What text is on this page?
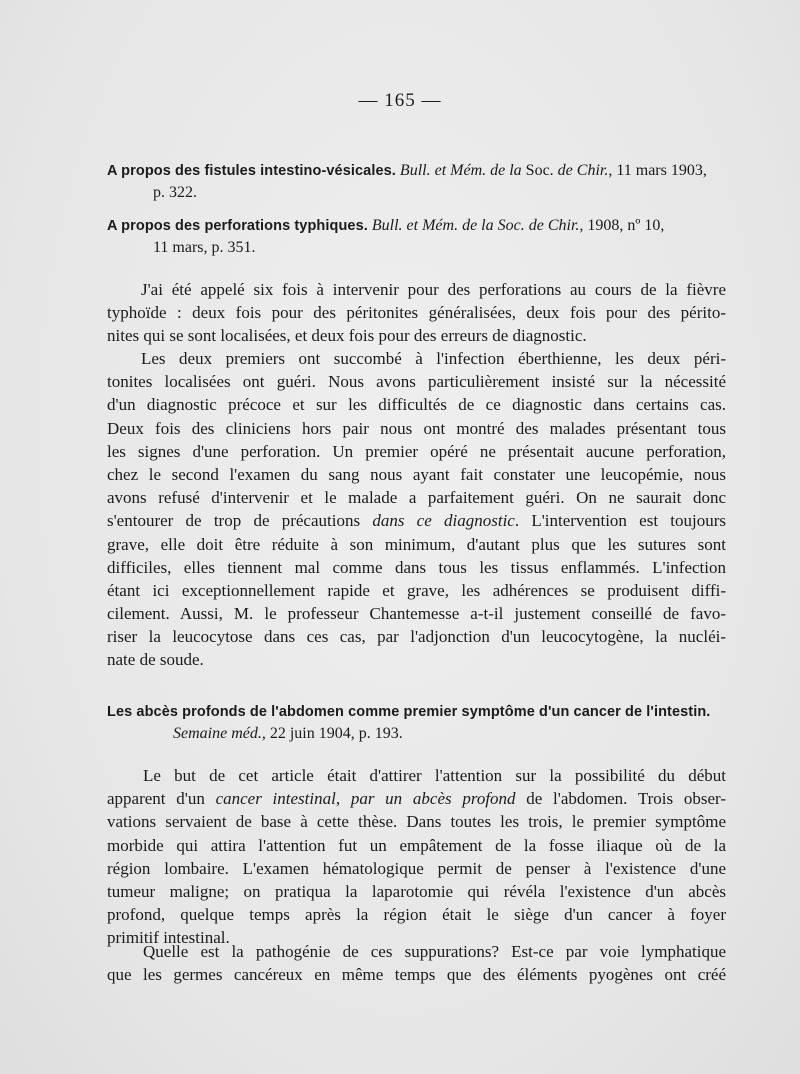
— 165 —
A propos des fistules intestino-vésicales. Bull. et Mém. de la Soc. de Chir., 11 mars 1903,
p. 322.
A propos des perforations typhiques. Bull. et Mém. de la Soc. de Chir., 1908, nº 10,
11 mars, p. 351.
J'ai été appelé six fois à intervenir pour des perforations au cours de la fièvre
typhoïde : deux fois pour des péritonites généralisées, deux fois pour des périto-
nites qui se sont localisées, et deux fois pour des erreurs de diagnostic.
Les deux premiers ont succombé à l'infection éberthienne, les deux péri-
tonites localisées ont guéri. Nous avons particulièrement insisté sur la nécessité
d'un diagnostic précoce et sur les difficultés de ce diagnostic dans certains cas.
Deux fois des cliniciens hors pair nous ont montré des malades présentant tous
les signes d'une perforation. Un premier opéré ne présentait aucune perforation,
chez le second l'examen du sang nous ayant fait constater une leucopémie, nous
avons refusé d'intervenir et le malade a parfaitement guéri. On ne saurait donc
s'entourer de trop de précautions dans ce diagnostic. L'intervention est toujours
grave, elle doit être réduite à son minimum, d'autant plus que les sutures sont
difficiles, elles tiennent mal comme dans tous les tissus enflammés. L'infection
étant ici exceptionnellement rapide et grave, les adhérences se produisent diffi-
cilement. Aussi, M. le professeur Chantemesse a-t-il justement conseillé de favo-
riser la leucocytose dans ces cas, par l'adjonction d'un leucocytogène, la nucléi-
nate de soude.
Les abcès profonds de l'abdomen comme premier symptôme d'un cancer de l'intestin.
Semaine méd., 22 juin 1904, p. 193.
Le but de cet article était d'attirer l'attention sur la possibilité du début
apparent d'un cancer intestinal, par un abcès profond de l'abdomen. Trois obser-
vations servaient de base à cette thèse. Dans toutes les trois, le premier symptôme
morbide qui attira l'attention fut un empâtement de la fosse iliaque où de la
région lombaire. L'examen hématologique permit de penser à l'existence d'une
tumeur maligne; on pratiqua la laparotomie qui révéla l'existence d'un abcès
profond, quelque temps après la région était le siège d'un cancer à foyer
primitif intestinal.
Quelle est la pathogénie de ces suppurations? Est-ce par voie lymphatique
que les germes cancéreux en même temps que des éléments pyogènes ont créé
